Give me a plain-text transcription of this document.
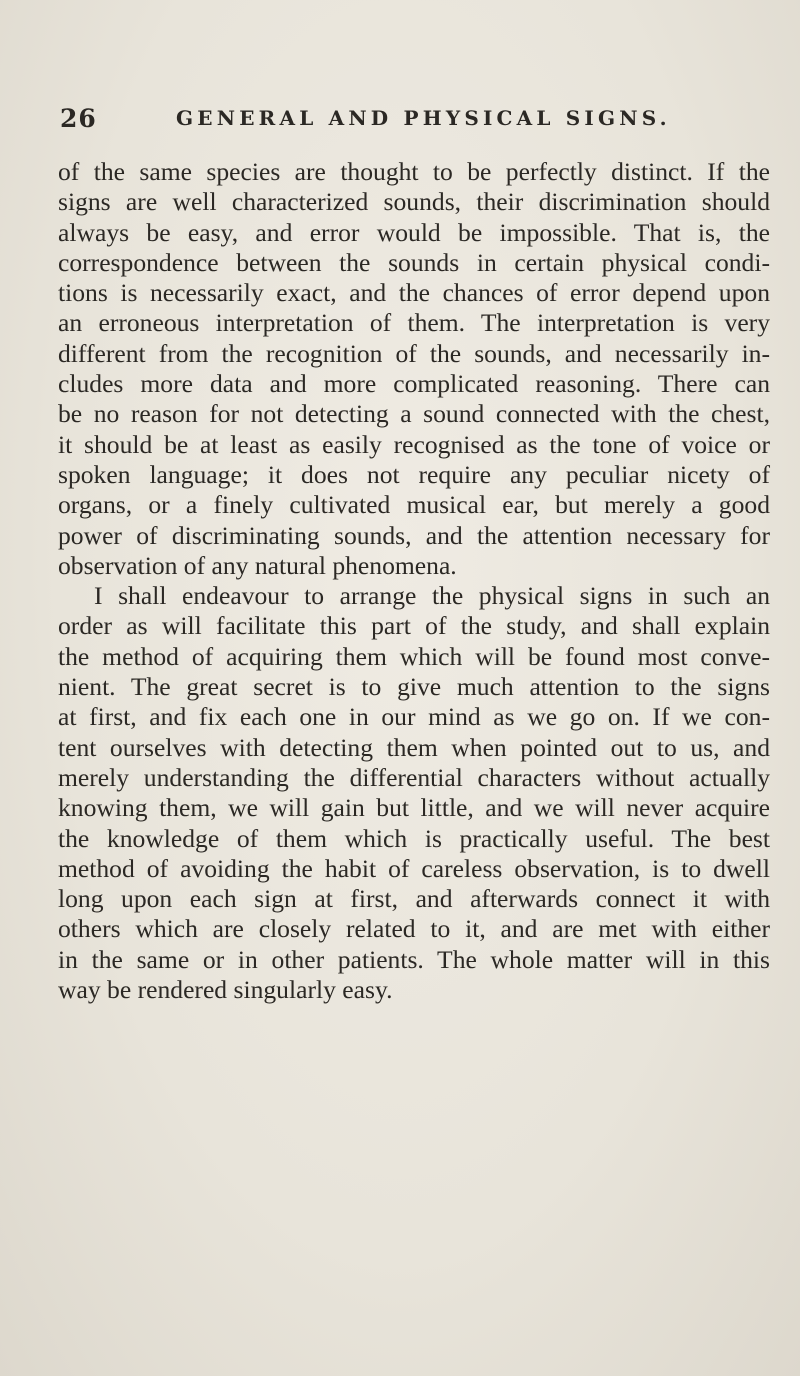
26	GENERAL AND PHYSICAL SIGNS.
of the same species are thought to be perfectly distinct. If the
signs are well characterized sounds, their discrimination should
always be easy, and error would be impossible. That is, the
correspondence between the sounds in certain physical condi-
tions is necessarily exact, and the chances of error depend upon
an erroneous interpretation of them. The interpretation is very
different from the recognition of the sounds, and necessarily in-
cludes more data and more complicated reasoning. There can
be no reason for not detecting a sound connected with the chest,
it should be at least as easily recognised as the tone of voice or
spoken language; it does not require any peculiar nicety of
organs, or a finely cultivated musical ear, but merely a good
power of discriminating sounds, and the attention necessary for
observation of any natural phenomena.
I shall endeavour to arrange the physical signs in such an
order as will facilitate this part of the study, and shall explain
the method of acquiring them which will be found most conve-
nient. The great secret is to give much attention to the signs
at first, and fix each one in our mind as we go on. If we con-
tent ourselves with detecting them when pointed out to us, and
merely understanding the differential characters without actually
knowing them, we will gain but little, and we will never acquire
the knowledge of them which is practically useful. The best
method of avoiding the habit of careless observation, is to dwell
long upon each sign at first, and afterwards connect it with
others which are closely related to it, and are met with either
in the same or in other patients. The whole matter will in this
way be rendered singularly easy.
